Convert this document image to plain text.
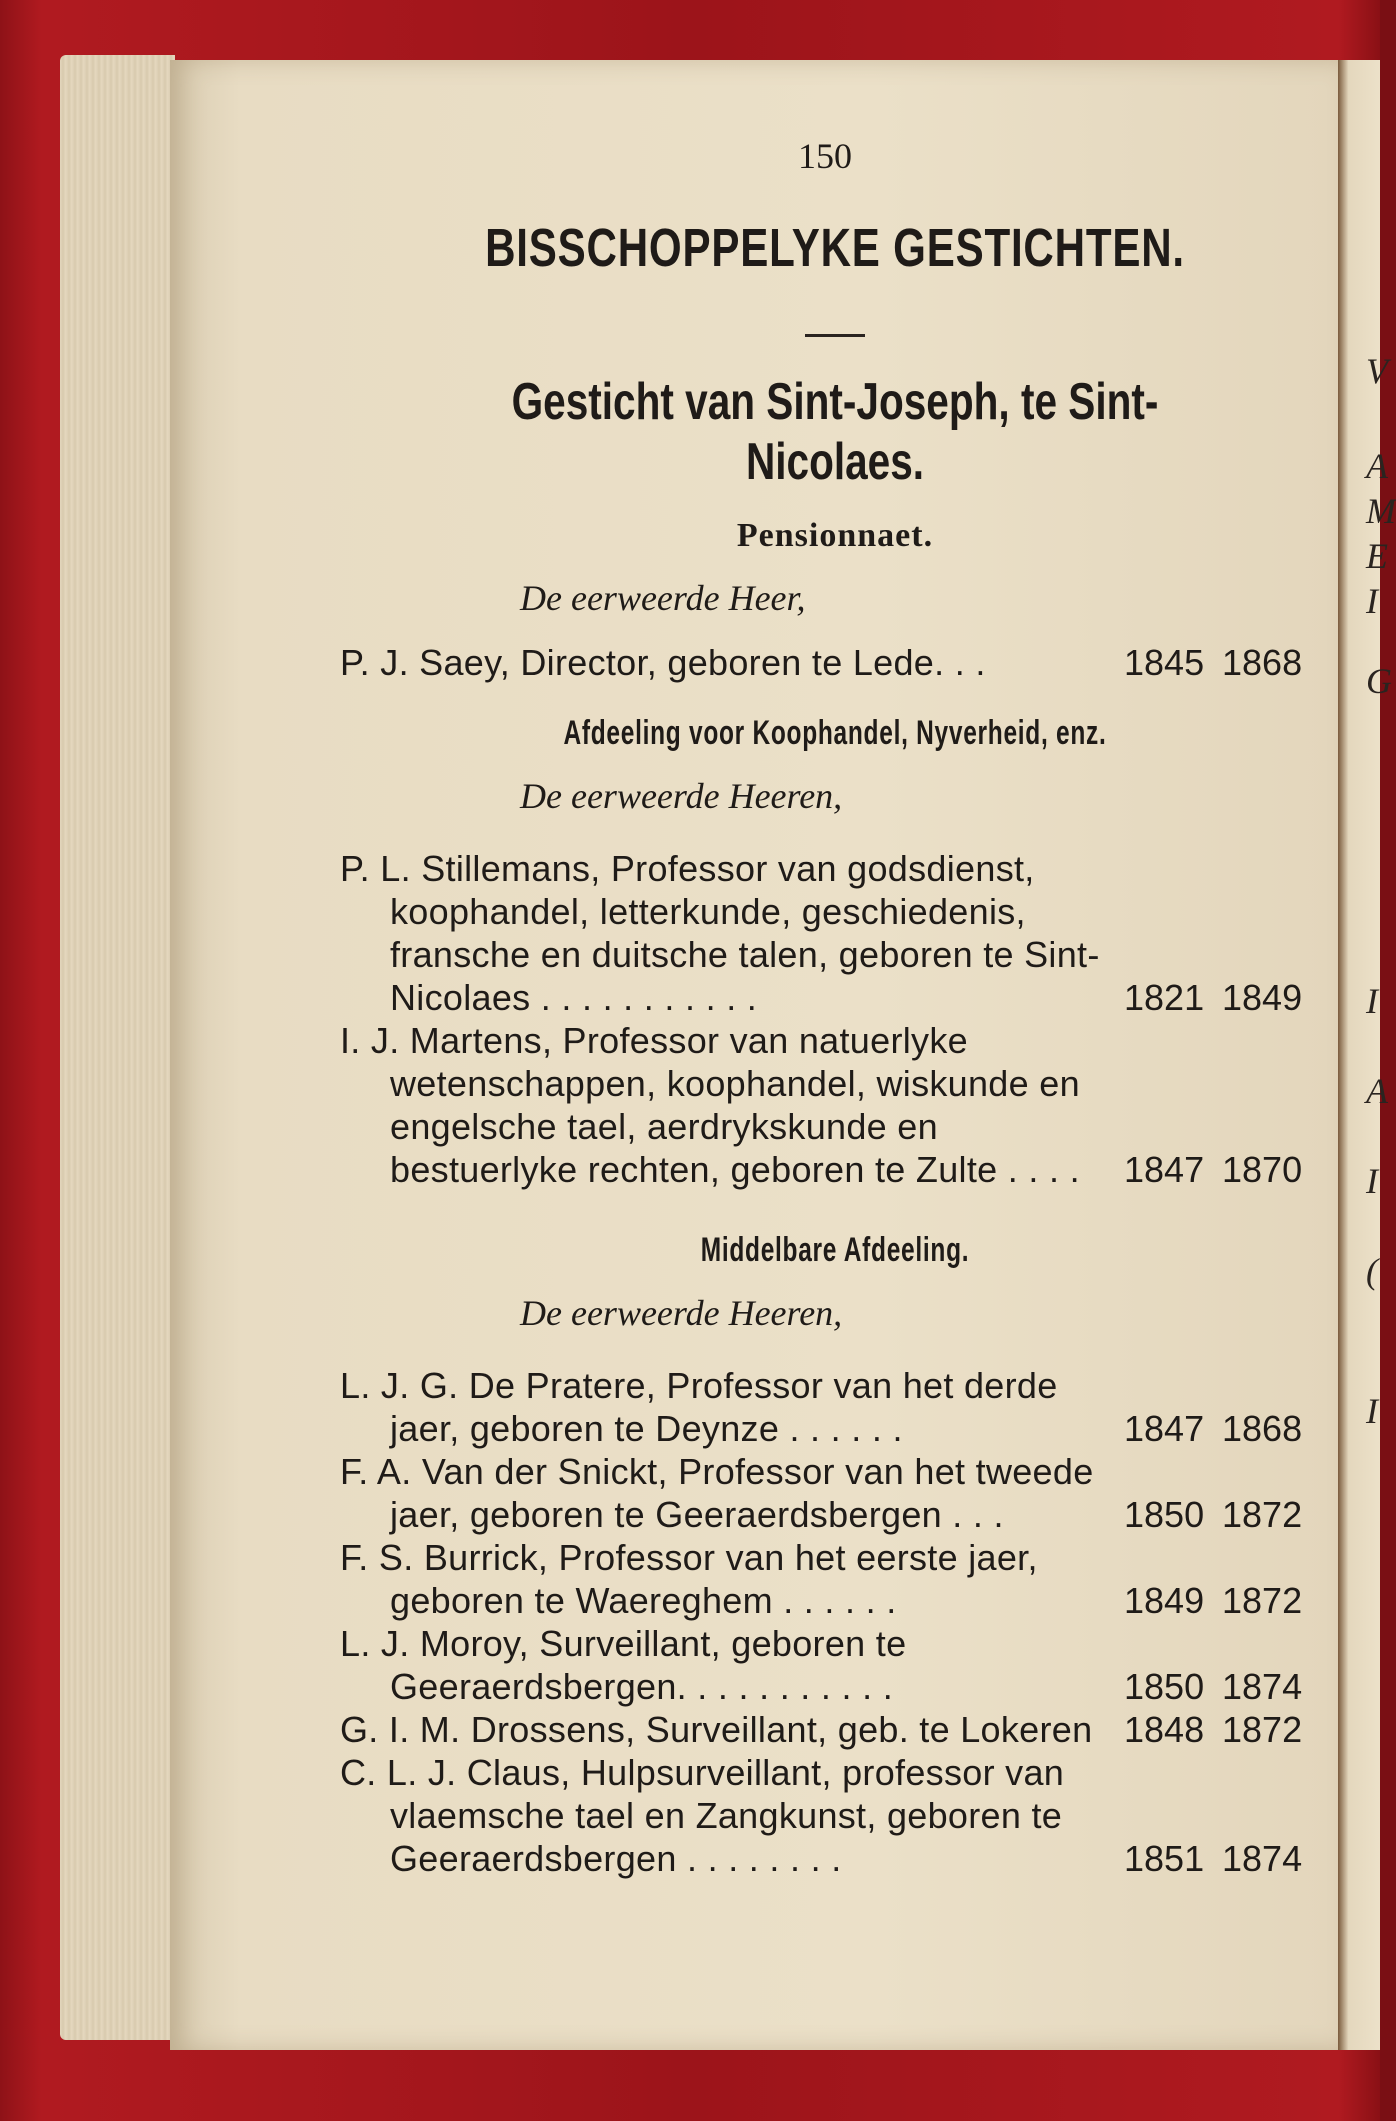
V
A
M
E
I
G
I
A
I
(
I
150
BISSCHOPPELYKE GESTICHTEN.
Gesticht van Sint-Joseph, te Sint-Nicolaes.
Pensionnaet.
De eerweerde Heer,
P. J. Saey, Director, geboren te Lede. . .	1845 1868
Afdeeling voor Koophandel, Nyverheid, enz.
De eerweerde Heeren,
P. L. Stillemans, Professor van godsdienst, koophandel, letterkunde, geschiedenis, fransche en duitsche talen, geboren te Sint-Nicolaes . . . . . . . . . . .	1821 1849
I. J. Martens, Professor van natuerlyke wetenschappen, koophandel, wiskunde en engelsche tael, aerdrykskunde en bestuerlyke rechten, geboren te Zulte . . . . 1847 1870
Middelbare Afdeeling.
De eerweerde Heeren,
L. J. G. De Pratere, Professor van het derde jaer, geboren te Deynze . . . . . .	1847 1868
F. A. Van der Snickt, Professor van het tweede jaer, geboren te Geeraerdsbergen . . .	1850 1872
F. S. Burrick, Professor van het eerste jaer, geboren te Waereghem . . . . . .	1849 1872
L. J. Moroy, Surveillant, geboren te Geeraerdsbergen. . . . . . . . . . .	1850 1874
G. I. M. Drossens, Surveillant, geb. te Lokeren 1848 1872
C. L. J. Claus, Hulpsurveillant, professor van vlaemsche tael en Zangkunst, geboren te Geeraerdsbergen . . . . . . . .	1851 1874
